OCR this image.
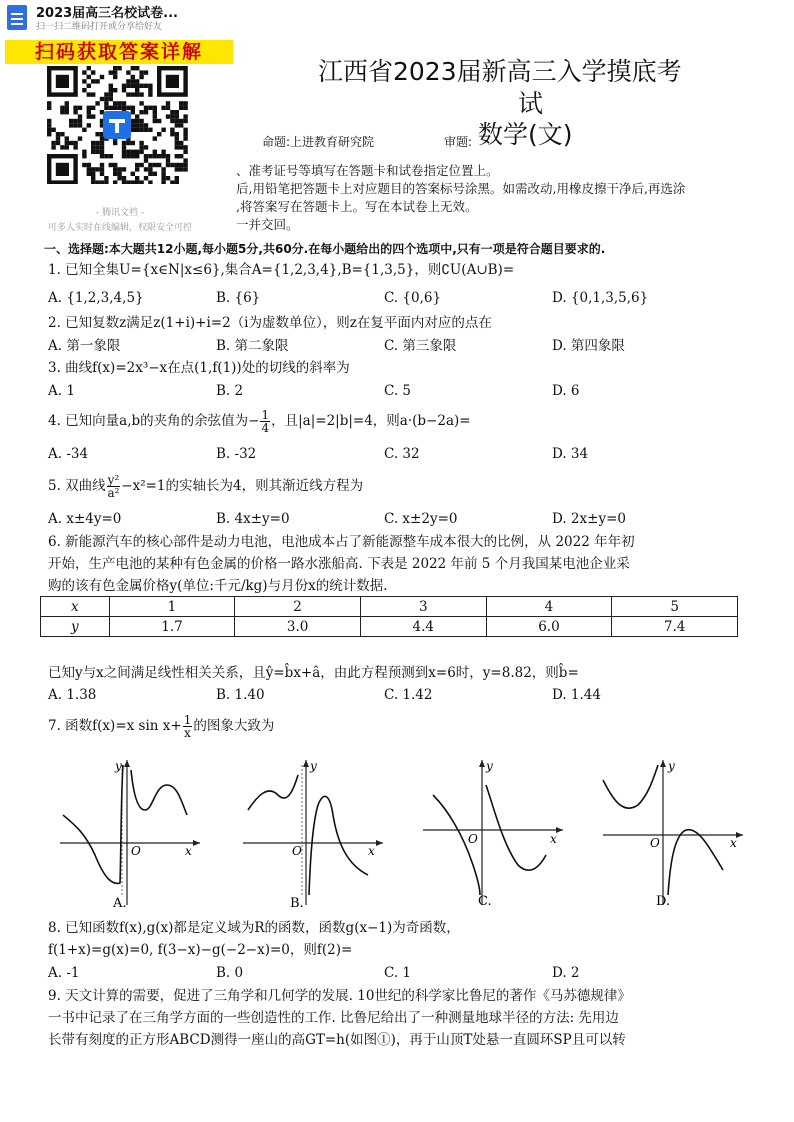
2023届高三名校试卷...
扫一扫二维码打开或分享给好友
扫码获取答案详解
- 腾讯文档 -
可多人实时在线编辑，权限安全可控
江西省2023届新高三入学摸底考
试
数学(文)
命题:上进教育研究院	审题:
、准考证号等填写在答题卡和试卷指定位置上。
后,用铅笔把答题卡上对应题目的答案标号涂黑。如需改动,用橡皮擦干净后,再选涂
,将答案写在答题卡上。写在本试卷上无效。
一并交回。
一、选择题:本大题共12小题,每小题5分,共60分.在每小题给出的四个选项中,只有一项是符合题目要求的.
1. 已知全集U={x∈N|x≤6},集合A={1,2,3,4},B={1,3,5}，则∁U(A∪B)=
A. {1,2,3,4,5}	B. {6}	C. {0,6}	D. {0,1,3,5,6}
2. 已知复数z满足z(1+i)+i=2（i为虚数单位），则z在复平面内对应的点在
A. 第一象限	B. 第二象限	C. 第三象限	D. 第四象限
3. 曲线f(x)=2x³−x在点(1,f(1))处的切线的斜率为
A. 1	B. 2	C. 5	D. 6
4. 已知向量a,b的夹角的余弦值为− $\frac{1}{4}$ ，且|a|=2|b|=4，则a·(b−2a)=
A. -34	B. -32	C. 32	D. 34
5. 双曲线 $\frac{\text{y²}}{\text{a²}} -x^2=1$的实轴长为4，则其渐近线方程为
A. x±4y=0	B. 4x±y=0	C. x±2y=0	D. 2x±y=0
6. 新能源汽车的核心部件是动力电池，电池成本占了新能源整车成本很大的比例，从 2022 年年初
开始，生产电池的某种有色金属的价格一路水涨船高. 下表是 2022 年前 5 个月我国某电池企业采
购的该有色金属价格y(单位:千元/kg)与月份x的统计数据.
x	1	2	3	4	5
y	1.7	3.0	4.4	6.0	7.4
已知y与x之间满足线性相关关系，且ŷ=b̂x+â，由此方程预测到x=6时，y=8.82，则b̂=
A. 1.38	B. 1.40	C. 1.42	D. 1.44
7. 函数f(x)=x $\sin x+ \frac{1}{x}$ 的图象大致为
y
x
O
A.
y
x
O
B.
y
x
O
C.
y
x
O
D.
8. 已知函数f(x),g(x)都是定义域为R的函数，函数g(x−1)为奇函数，
f(1+x)=g(x)=0, f(3−x)−g(−2−x)=0，则f(2)=
A. -1	B. 0	C. 1	D. 2
9. 天文计算的需要，促进了三角学和几何学的发展. 10世纪的科学家比鲁尼的著作《马苏德规律》
一书中记录了在三角学方面的一些创造性的工作. 比鲁尼给出了一种测量地球半径的方法: 先用边
长带有刻度的正方形ABCD测得一座山的高GT=h(如图①)，再于山顶T处悬一直圆环SP且可以转
